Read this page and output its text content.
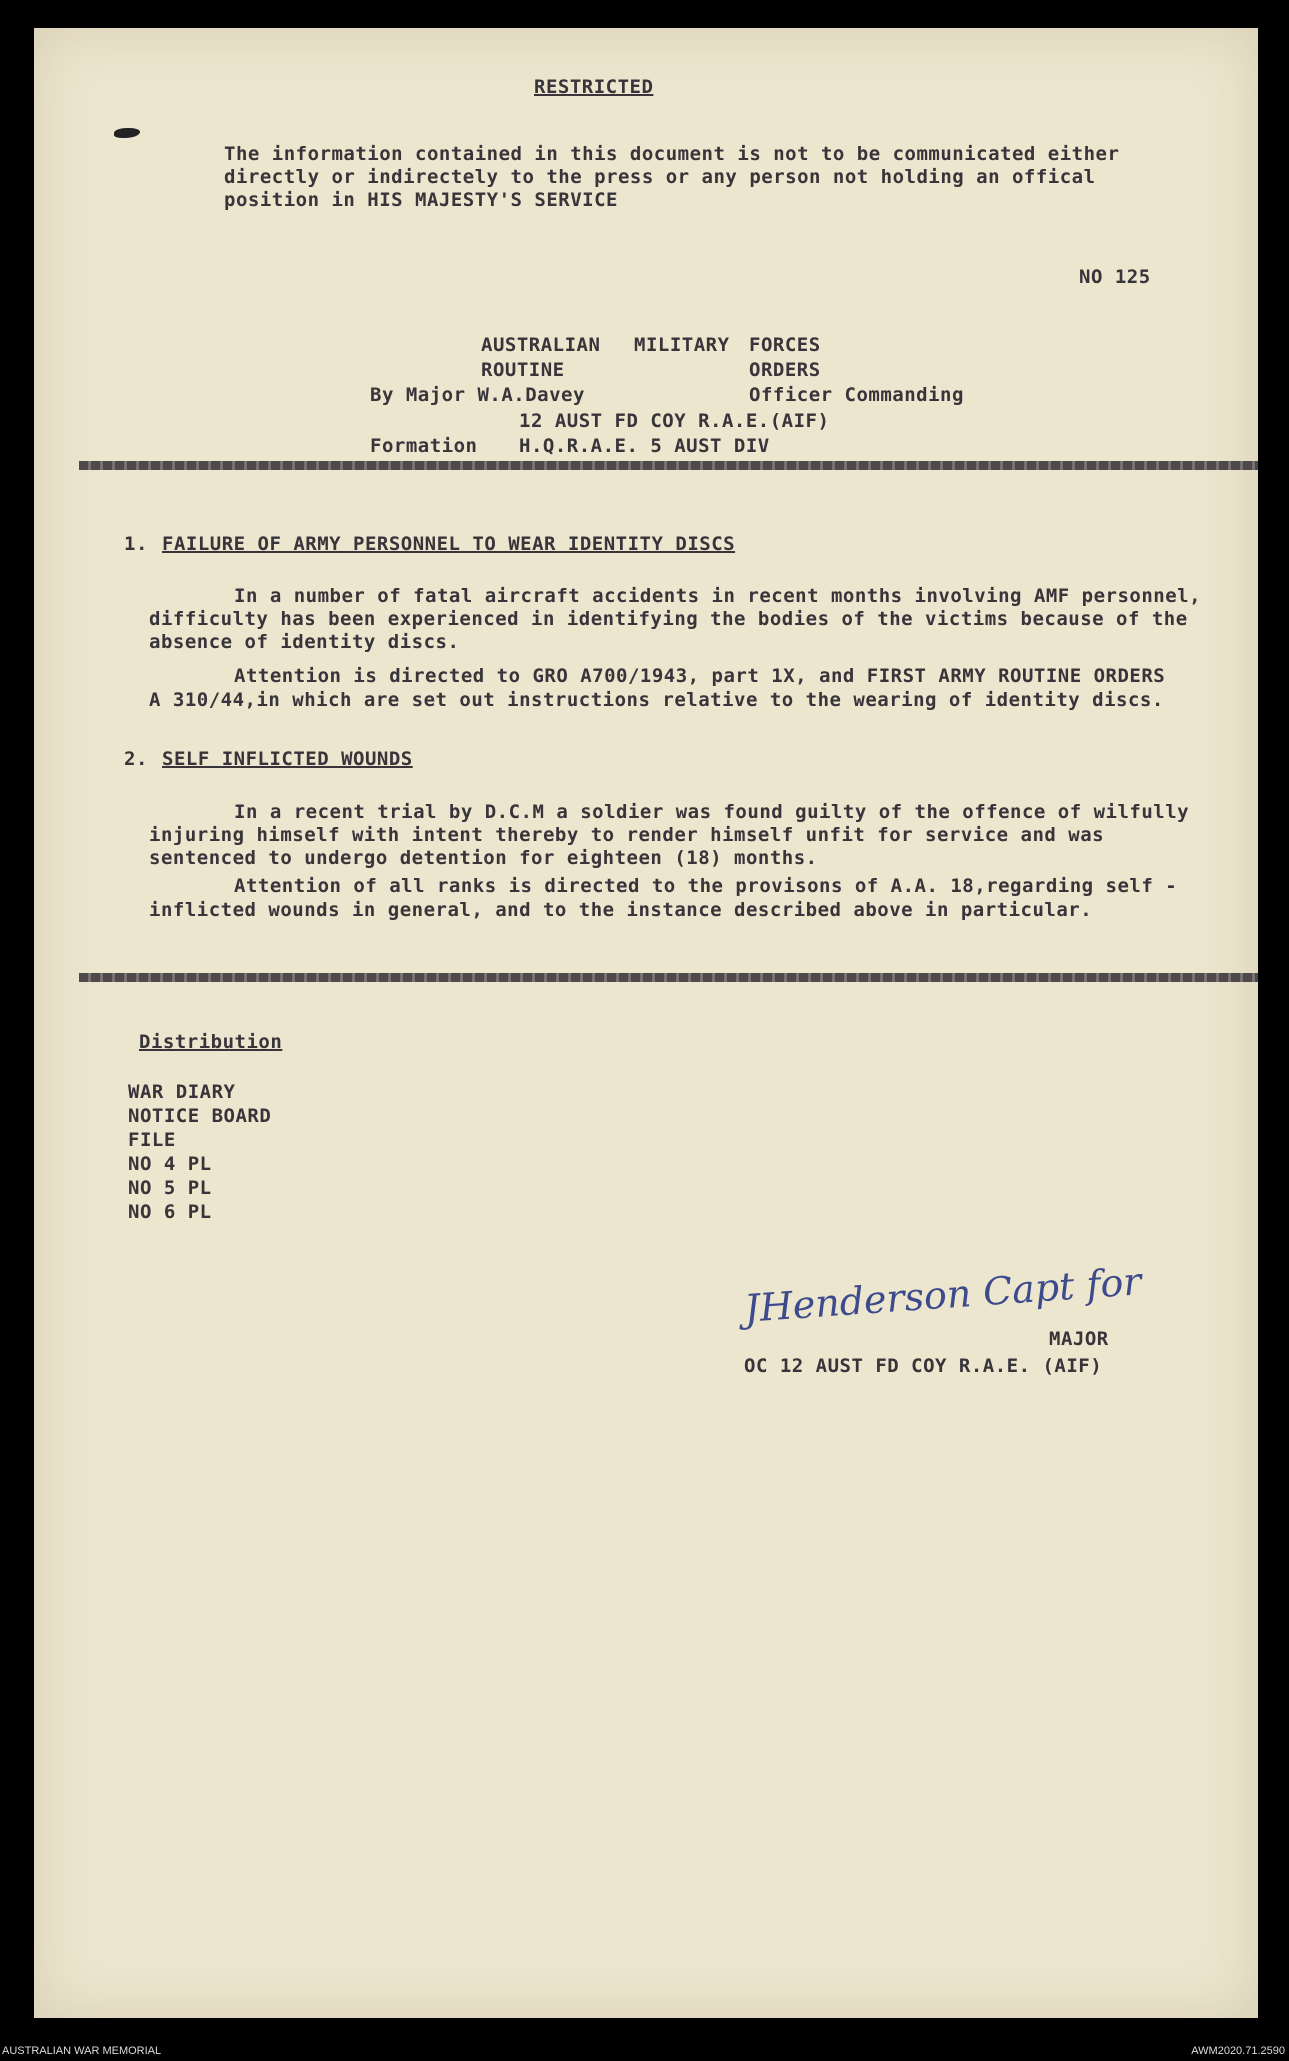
RESTRICTED
The information contained in this document is not to be communicated either
directly or indirectely to the press or any person not holding an offical
position in HIS MAJESTY'S SERVICE
NO 125
AUSTRALIAN MILITARY FORCES
ROUTINE	ORDERS
By Major W.A.Davey	Officer Commanding
12 AUST FD COY R.A.E.(AIF)
Formation H.Q.R.A.E. 5 AUST DIV
1. FAILURE OF ARMY PERSONNEL TO WEAR IDENTITY DISCS
In a number of fatal aircraft accidents in recent months involving AMF personnel,
difficulty has been experienced in identifying the bodies of the victims because of the
absence of identity discs.
Attention is directed to GRO A700/1943, part 1X, and FIRST ARMY ROUTINE ORDERS
A 310/44,in which are set out instructions relative to the wearing of identity discs.
2. SELF INFLICTED WOUNDS
In a recent trial by D.C.M a soldier was found guilty of the offence of wilfully
injuring himself with intent thereby to render himself unfit for service and was
sentenced to undergo detention for eighteen (18) months.
Attention of all ranks is directed to the provisons of A.A. 18,regarding self -
inflicted wounds in general, and to the instance described above in particular.
Distribution
WAR DIARY
NOTICE BOARD
FILE
NO 4 PL
NO 5 PL
NO 6 PL
JHenderson Capt for
MAJOR
OC 12 AUST FD COY R.A.E. (AIF)
AUSTRALIAN WAR MEMORIAL	AWM2020.71.2590
